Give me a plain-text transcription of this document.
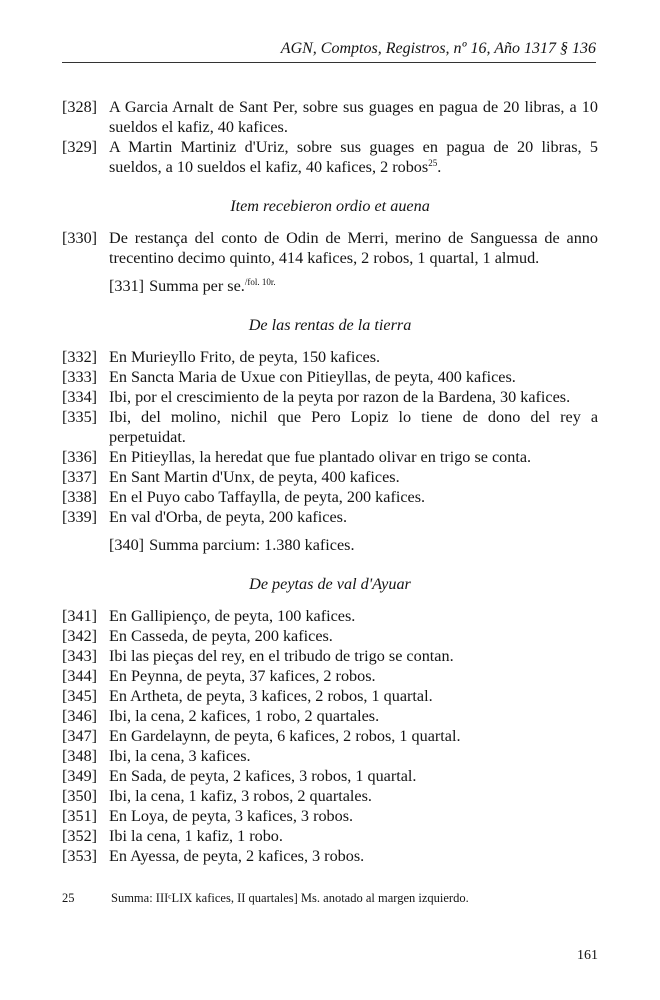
AGN, Comptos, Registros, nº 16, Año 1317 § 136
[328] A Garcia Arnalt de Sant Per, sobre sus guages en pagua de 20 libras, a 10 sueldos el kafiz, 40 kafices.
[329] A Martin Martiniz d'Uriz, sobre sus guages en pagua de 20 libras, 5 sueldos, a 10 sueldos el kafiz, 40 kafices, 2 robos$^{25}$.
Item recebieron ordio et auena
[330] De restança del conto de Odin de Merri, merino de Sanguessa de anno trecentino decimo quinto, 414 kafices, 2 robos, 1 quartal, 1 almud.
[331] Summa per se.$^{/fol. 10r.}$
De las rentas de la tierra
[332] En Murieyllo Frito, de peyta, 150 kafices.
[333] En Sancta Maria de Uxue con Pitieyllas, de peyta, 400 kafices.
[334] Ibi, por el crescimiento de la peyta por razon de la Bardena, 30 kafices.
[335] Ibi, del molino, nichil que Pero Lopiz lo tiene de dono del rey a perpetuidat.
[336] En Pitieyllas, la heredat que fue plantado olivar en trigo se conta.
[337] En Sant Martin d'Unx, de peyta, 400 kafices.
[338] En el Puyo cabo Taffaylla, de peyta, 200 kafices.
[339] En val d'Orba, de peyta, 200 kafices.
[340] Summa parcium: 1.380 kafices.
De peytas de val d'Ayuar
[341] En Gallipienço, de peyta, 100 kafices.
[342] En Casseda, de peyta, 200 kafices.
[343] Ibi las pieças del rey, en el tribudo de trigo se contan.
[344] En Peynna, de peyta, 37 kafices, 2 robos.
[345] En Artheta, de peyta, 3 kafices, 2 robos, 1 quartal.
[346] Ibi, la cena, 2 kafices, 1 robo, 2 quartales.
[347] En Gardelaynn, de peyta, 6 kafices, 2 robos, 1 quartal.
[348] Ibi, la cena, 3 kafices.
[349] En Sada, de peyta, 2 kafices, 3 robos, 1 quartal.
[350] Ibi, la cena, 1 kafiz, 3 robos, 2 quartales.
[351] En Loya, de peyta, 3 kafices, 3 robos.
[352] Ibi la cena, 1 kafiz, 1 robo.
[353] En Ayessa, de peyta, 2 kafices, 3 robos.
25	Summa: IIIᶜLIX kafices, II quartales] Ms. anotado al margen izquierdo.
161
